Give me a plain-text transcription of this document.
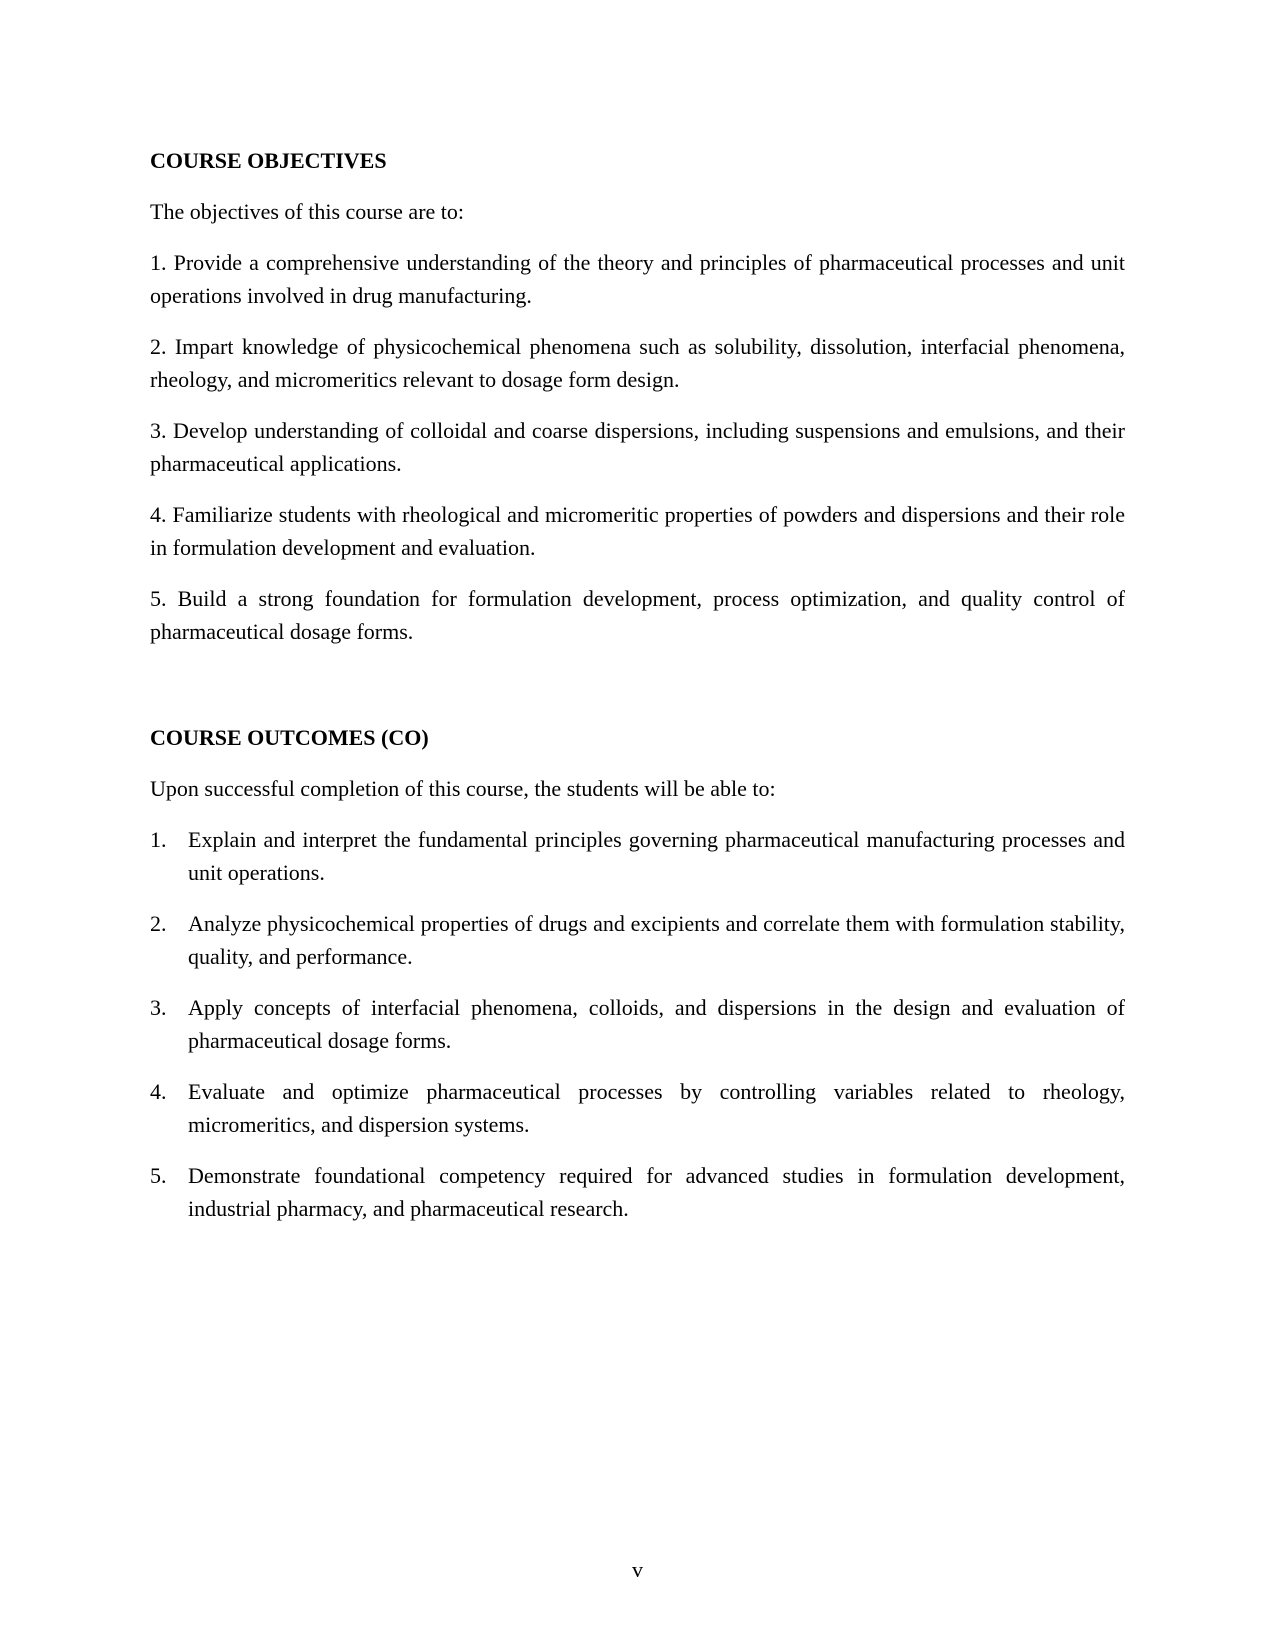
COURSE OBJECTIVES
The objectives of this course are to:

1. Provide a comprehensive understanding of the theory and principles of pharmaceutical processes and unit operations involved in drug manufacturing.

2. Impart knowledge of physicochemical phenomena such as solubility, dissolution, interfacial phenomena, rheology, and micromeritics relevant to dosage form design.

3. Develop understanding of colloidal and coarse dispersions, including suspensions and emulsions, and their pharmaceutical applications.

4. Familiarize students with rheological and micromeritic properties of powders and dispersions and their role in formulation development and evaluation.

5. Build a strong foundation for formulation development, process optimization, and quality control of pharmaceutical dosage forms.

COURSE OUTCOMES (CO)
Upon successful completion of this course, the students will be able to:
1. Explain and interpret the fundamental principles governing pharmaceutical manufacturing processes and unit operations.
2. Analyze physicochemical properties of drugs and excipients and correlate them with formulation stability, quality, and performance.
3. Apply concepts of interfacial phenomena, colloids, and dispersions in the design and evaluation of pharmaceutical dosage forms.
4. Evaluate and optimize pharmaceutical processes by controlling variables related to rheology, micromeritics, and dispersion systems.
5. Demonstrate foundational competency required for advanced studies in formulation development, industrial pharmacy, and pharmaceutical research.
v
